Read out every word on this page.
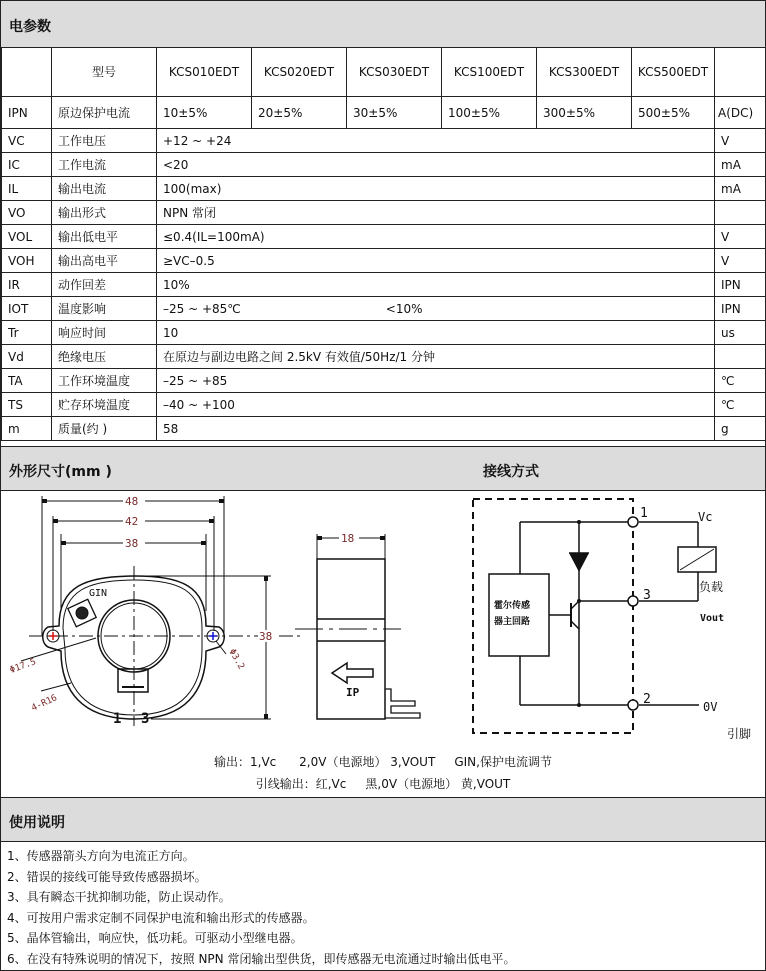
电参数
	型号	KCS010EDT	KCS020EDT	KCS030EDT	KCS100EDT	KCS300EDT	KCS500EDT	
IPN	原边保护电流	10±5%	20±5%	30±5%	100±5%	300±5%	500±5%	A(DC)
VC	工作电压	+12 ~ +24						V
IC	工作电流	<20						mA
IL	输出电流	100(max)						mA
VO	输出形式	NPN 常闭						
VOL	输出低电平	≤0.4(IL=100mA)						V
VOH	输出高电平	≥VC–0.5						V
IR	动作回差	10%						IPN
IOT	温度影响	–25 ~ +85℃ <10%						IPN
Tr	响应时间	10						us
Vd	绝缘电压	在原边与副边电路之间 2.5kV 有效值/50Hz/1 分钟						
TA	工作环境温度	–25 ~ +85						℃
TS	贮存环境温度	–40 ~ +100						℃
m	质量(约 )	58						g
外形尺寸(mm )	接线方式
48
42
38
38
18
Φ3.2
Φ17.5
4-R16
GIN
1 3
IP
霍尔传感
器主回路
1
3
2
Vc
负载
Vout
0V
引脚
输出：1,Vc      2,0V（电源地） 3,VOUT     GIN,保护电流调节
引线输出：红,Vc     黑,0V（电源地） 黄,VOUT
使用说明
1、传感器箭头方向为电流正方向。
2、错误的接线可能导致传感器损坏。
3、具有瞬态干扰抑制功能，防止误动作。
4、可按用户需求定制不同保护电流和输出形式的传感器。
5、晶体管输出，响应快，低功耗。可驱动小型继电器。
6、在没有特殊说明的情况下，按照 NPN 常闭输出型供货，即传感器无电流通过时输出低电平。
